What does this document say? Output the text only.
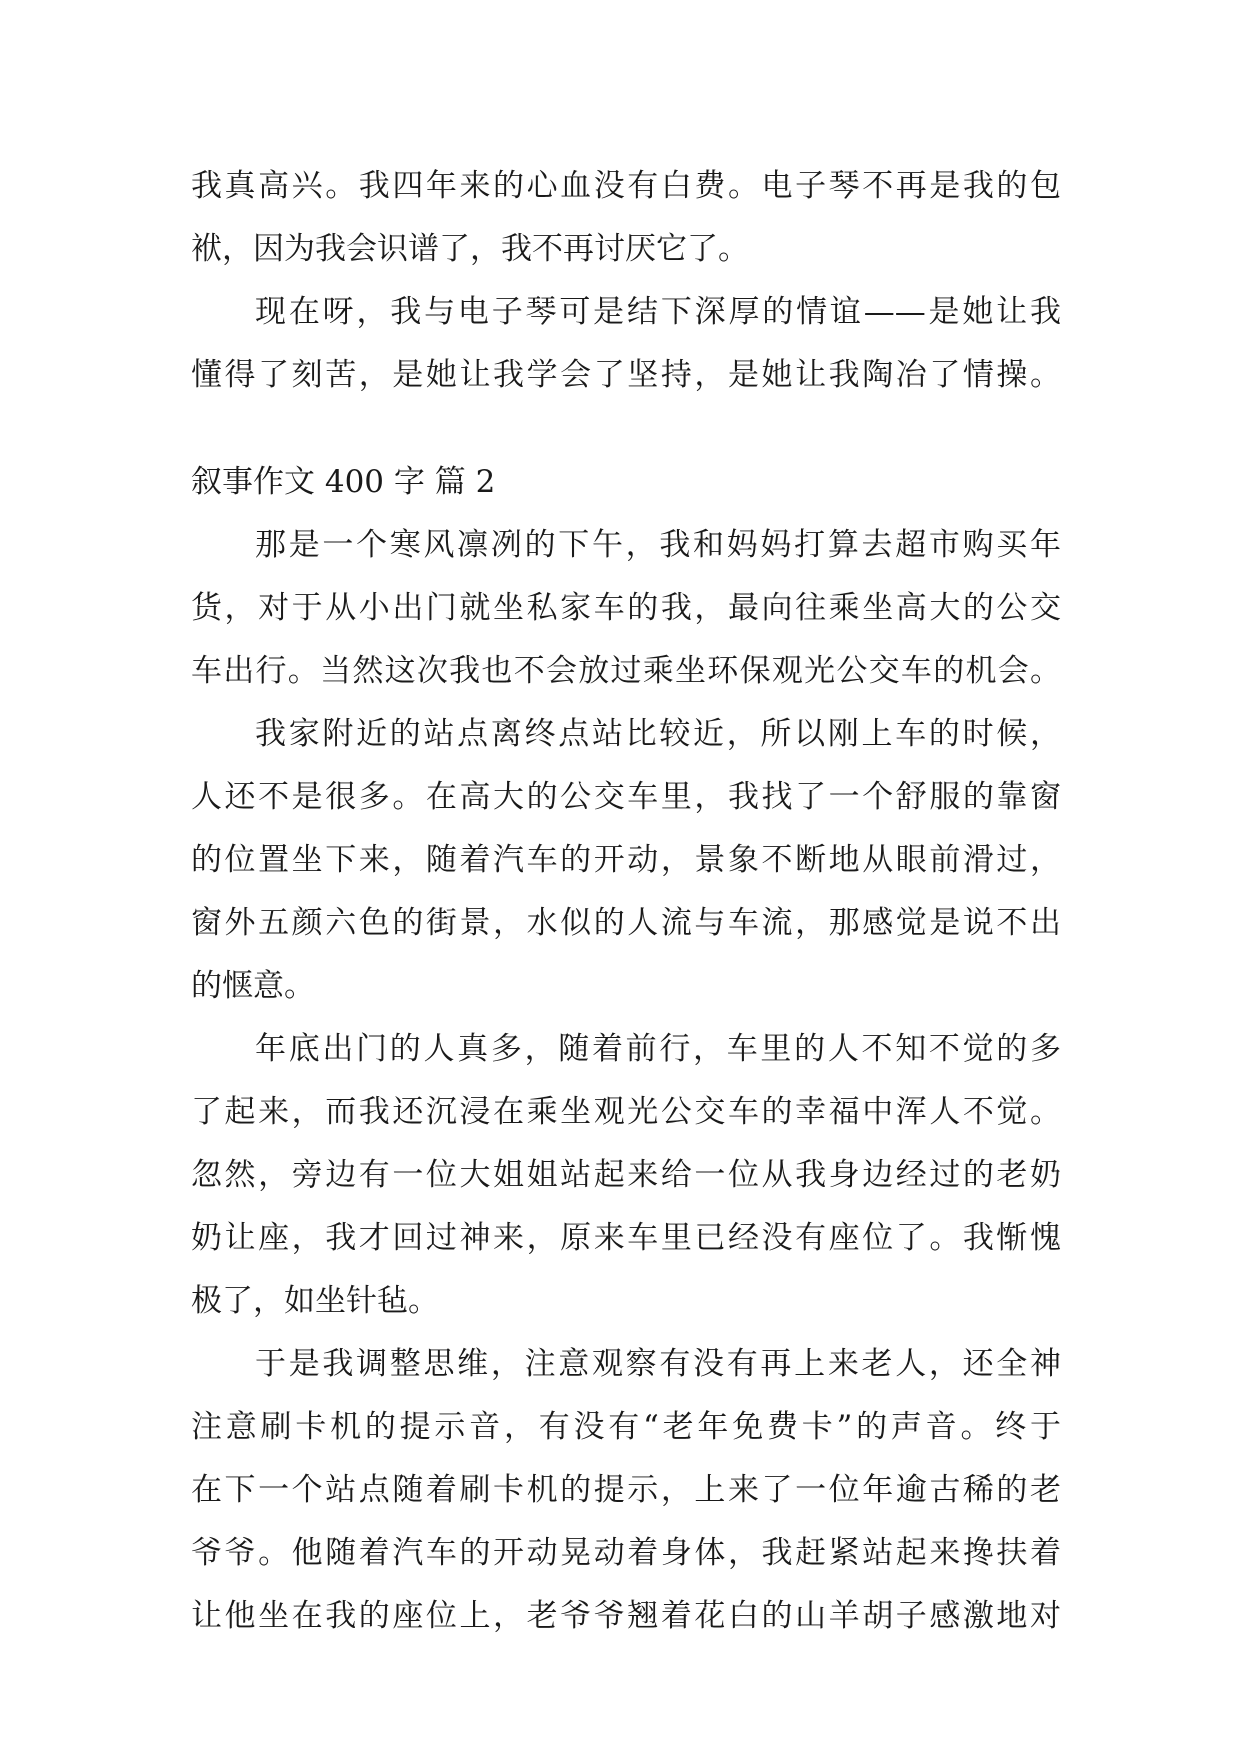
我真高兴。我四年来的心血没有白费。电子琴不再是我的包
袱，因为我会识谱了，我不再讨厌它了。
现在呀，我与电子琴可是结下深厚的情谊——是她让我
懂得了刻苦，是她让我学会了坚持，是她让我陶冶了情操。
叙事作文 400 字 篇 2
那是一个寒风凛冽的下午，我和妈妈打算去超市购买年
货，对于从小出门就坐私家车的我，最向往乘坐高大的公交
车出行。当然这次我也不会放过乘坐环保观光公交车的机会。
我家附近的站点离终点站比较近，所以刚上车的时候，
人还不是很多。在高大的公交车里，我找了一个舒服的靠窗
的位置坐下来，随着汽车的开动，景象不断地从眼前滑过，
窗外五颜六色的街景，水似的人流与车流，那感觉是说不出
的惬意。
年底出门的人真多，随着前行，车里的人不知不觉的多
了起来，而我还沉浸在乘坐观光公交车的幸福中浑人不觉。
忽然，旁边有一位大姐姐站起来给一位从我身边经过的老奶
奶让座，我才回过神来，原来车里已经没有座位了。我惭愧
极了，如坐针毡。
于是我调整思维，注意观察有没有再上来老人，还全神
注意刷卡机的提示音，有没有“老年免费卡”的声音。终于
在下一个站点随着刷卡机的提示，上来了一位年逾古稀的老
爷爷。他随着汽车的开动晃动着身体，我赶紧站起来搀扶着
让他坐在我的座位上，老爷爷翘着花白的山羊胡子感激地对
